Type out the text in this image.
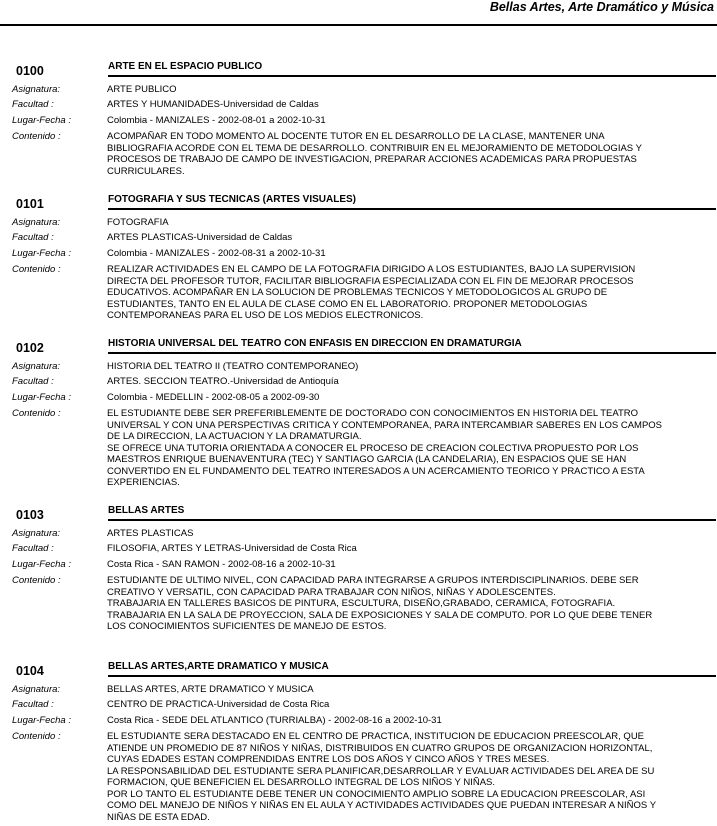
Bellas Artes, Arte Dramático y Música
0100	ARTE EN EL ESPACIO PUBLICO
Asignatura:	ARTE PUBLICO
Facultad :	ARTES Y HUMANIDADES-Universidad de Caldas
Lugar-Fecha :	Colombia - MANIZALES - 2002-08-01 a 2002-10-31
Contenido :	ACOMPAÑAR EN TODO MOMENTO AL DOCENTE TUTOR EN EL DESARROLLO DE LA CLASE, MANTENER UNA
BIBLIOGRAFIA ACORDE CON EL TEMA DE DESARROLLO. CONTRIBUIR EN EL MEJORAMIENTO DE METODOLOGIAS Y
PROCESOS DE TRABAJO DE CAMPO DE INVESTIGACION, PREPARAR ACCIONES ACADEMICAS PARA PROPUESTAS
CURRICULARES.
0101	FOTOGRAFIA Y SUS TECNICAS (ARTES VISUALES)
Asignatura:	FOTOGRAFIA
Facultad :	ARTES PLASTICAS-Universidad de Caldas
Lugar-Fecha :	Colombia - MANIZALES - 2002-08-31 a 2002-10-31
Contenido :	REALIZAR ACTIVIDADES EN EL CAMPO DE LA FOTOGRAFIA DIRIGIDO A LOS ESTUDIANTES, BAJO LA SUPERVISION
DIRECTA DEL PROFESOR TUTOR, FACILITAR BIBLIOGRAFIA ESPECIALIZADA CON EL FIN DE MEJORAR PROCESOS
EDUCATIVOS. ACOMPAÑAR EN LA SOLUCION DE PROBLEMAS TECNICOS Y METODOLOGICOS AL GRUPO DE
ESTUDIANTES, TANTO EN EL AULA DE CLASE COMO EN EL LABORATORIO. PROPONER METODOLOGIAS
CONTEMPORANEAS PARA EL USO DE LOS MEDIOS ELECTRONICOS.
0102	HISTORIA UNIVERSAL DEL TEATRO CON ENFASIS EN DIRECCION EN DRAMATURGIA
Asignatura:	HISTORIA DEL TEATRO II (TEATRO CONTEMPORANEO)
Facultad :	ARTES. SECCION TEATRO.-Universidad de Antioquía
Lugar-Fecha :	Colombia - MEDELLIN - 2002-08-05 a 2002-09-30
Contenido :	EL ESTUDIANTE DEBE SER PREFERIBLEMENTE DE DOCTORADO CON CONOCIMIENTOS EN HISTORIA DEL TEATRO
UNIVERSAL Y CON UNA PERSPECTIVAS CRITICA Y CONTEMPORANEA, PARA INTERCAMBIAR SABERES EN LOS CAMPOS
DE LA DIRECCION, LA ACTUACION Y LA DRAMATURGIA.
SE OFRECE UNA TUTORIA ORIENTADA A CONOCER EL PROCESO DE CREACION COLECTIVA PROPUESTO POR LOS
MAESTROS ENRIQUE BUENAVENTURA (TEC) Y SANTIAGO GARCIA (LA CANDELARIA), EN ESPACIOS QUE SE HAN
CONVERTIDO EN EL FUNDAMENTO DEL TEATRO INTERESADOS A UN ACERCAMIENTO TEORICO Y PRACTICO A ESTA
EXPERIENCIAS.
0103	BELLAS ARTES
Asignatura:	ARTES PLASTICAS
Facultad :	FILOSOFIA, ARTES Y LETRAS-Universidad de Costa Rica
Lugar-Fecha :	Costa Rica - SAN RAMON - 2002-08-16 a 2002-10-31
Contenido :	ESTUDIANTE DE ULTIMO NIVEL, CON CAPACIDAD PARA INTEGRARSE A GRUPOS INTERDISCIPLINARIOS. DEBE SER
CREATIVO Y VERSATIL, CON CAPACIDAD PARA TRABAJAR CON NIÑOS, NIÑAS Y ADOLESCENTES.
TRABAJARIA EN TALLERES BASICOS DE PINTURA, ESCULTURA, DISEÑO,GRABADO, CERAMICA, FOTOGRAFIA.
TRABAJARIA EN LA SALA DE PROYECCION, SALA DE EXPOSICIONES Y SALA DE COMPUTO. POR LO QUE DEBE TENER
LOS CONOCIMIENTOS SUFICIENTES DE MANEJO DE ESTOS.
0104	BELLAS ARTES,ARTE DRAMATICO Y MUSICA
Asignatura:	BELLAS ARTES, ARTE DRAMATICO Y MUSICA
Facultad :	CENTRO DE PRACTICA-Universidad de Costa Rica
Lugar-Fecha :	Costa Rica - SEDE DEL ATLANTICO (TURRIALBA) - 2002-08-16 a 2002-10-31
Contenido :	EL ESTUDIANTE SERA DESTACADO EN EL CENTRO DE PRACTICA, INSTITUCION DE EDUCACION PREESCOLAR, QUE
ATIENDE UN PROMEDIO DE 87 NIÑOS Y NIÑAS, DISTRIBUIDOS EN CUATRO GRUPOS DE ORGANIZACION HORIZONTAL,
CUYAS EDADES ESTAN COMPRENDIDAS ENTRE LOS DOS AÑOS Y CINCO AÑOS Y TRES MESES.
LA RESPONSABILIDAD DEL ESTUDIANTE SERA PLANIFICAR,DESARROLLAR Y EVALUAR ACTIVIDADES DEL AREA DE SU
FORMACION, QUE BENEFICIEN EL DESARROLLO INTEGRAL DE LOS NIÑOS Y NIÑAS.
POR LO TANTO EL ESTUDIANTE DEBE TENER UN CONOCIMIENTO AMPLIO SOBRE LA EDUCACION PREESCOLAR, ASI
COMO DEL MANEJO DE NIÑOS Y NIÑAS EN EL AULA Y ACTIVIDADES ACTIVIDADES QUE PUEDAN INTERESAR A NIÑOS Y
NIÑAS DE ESTA EDAD.
